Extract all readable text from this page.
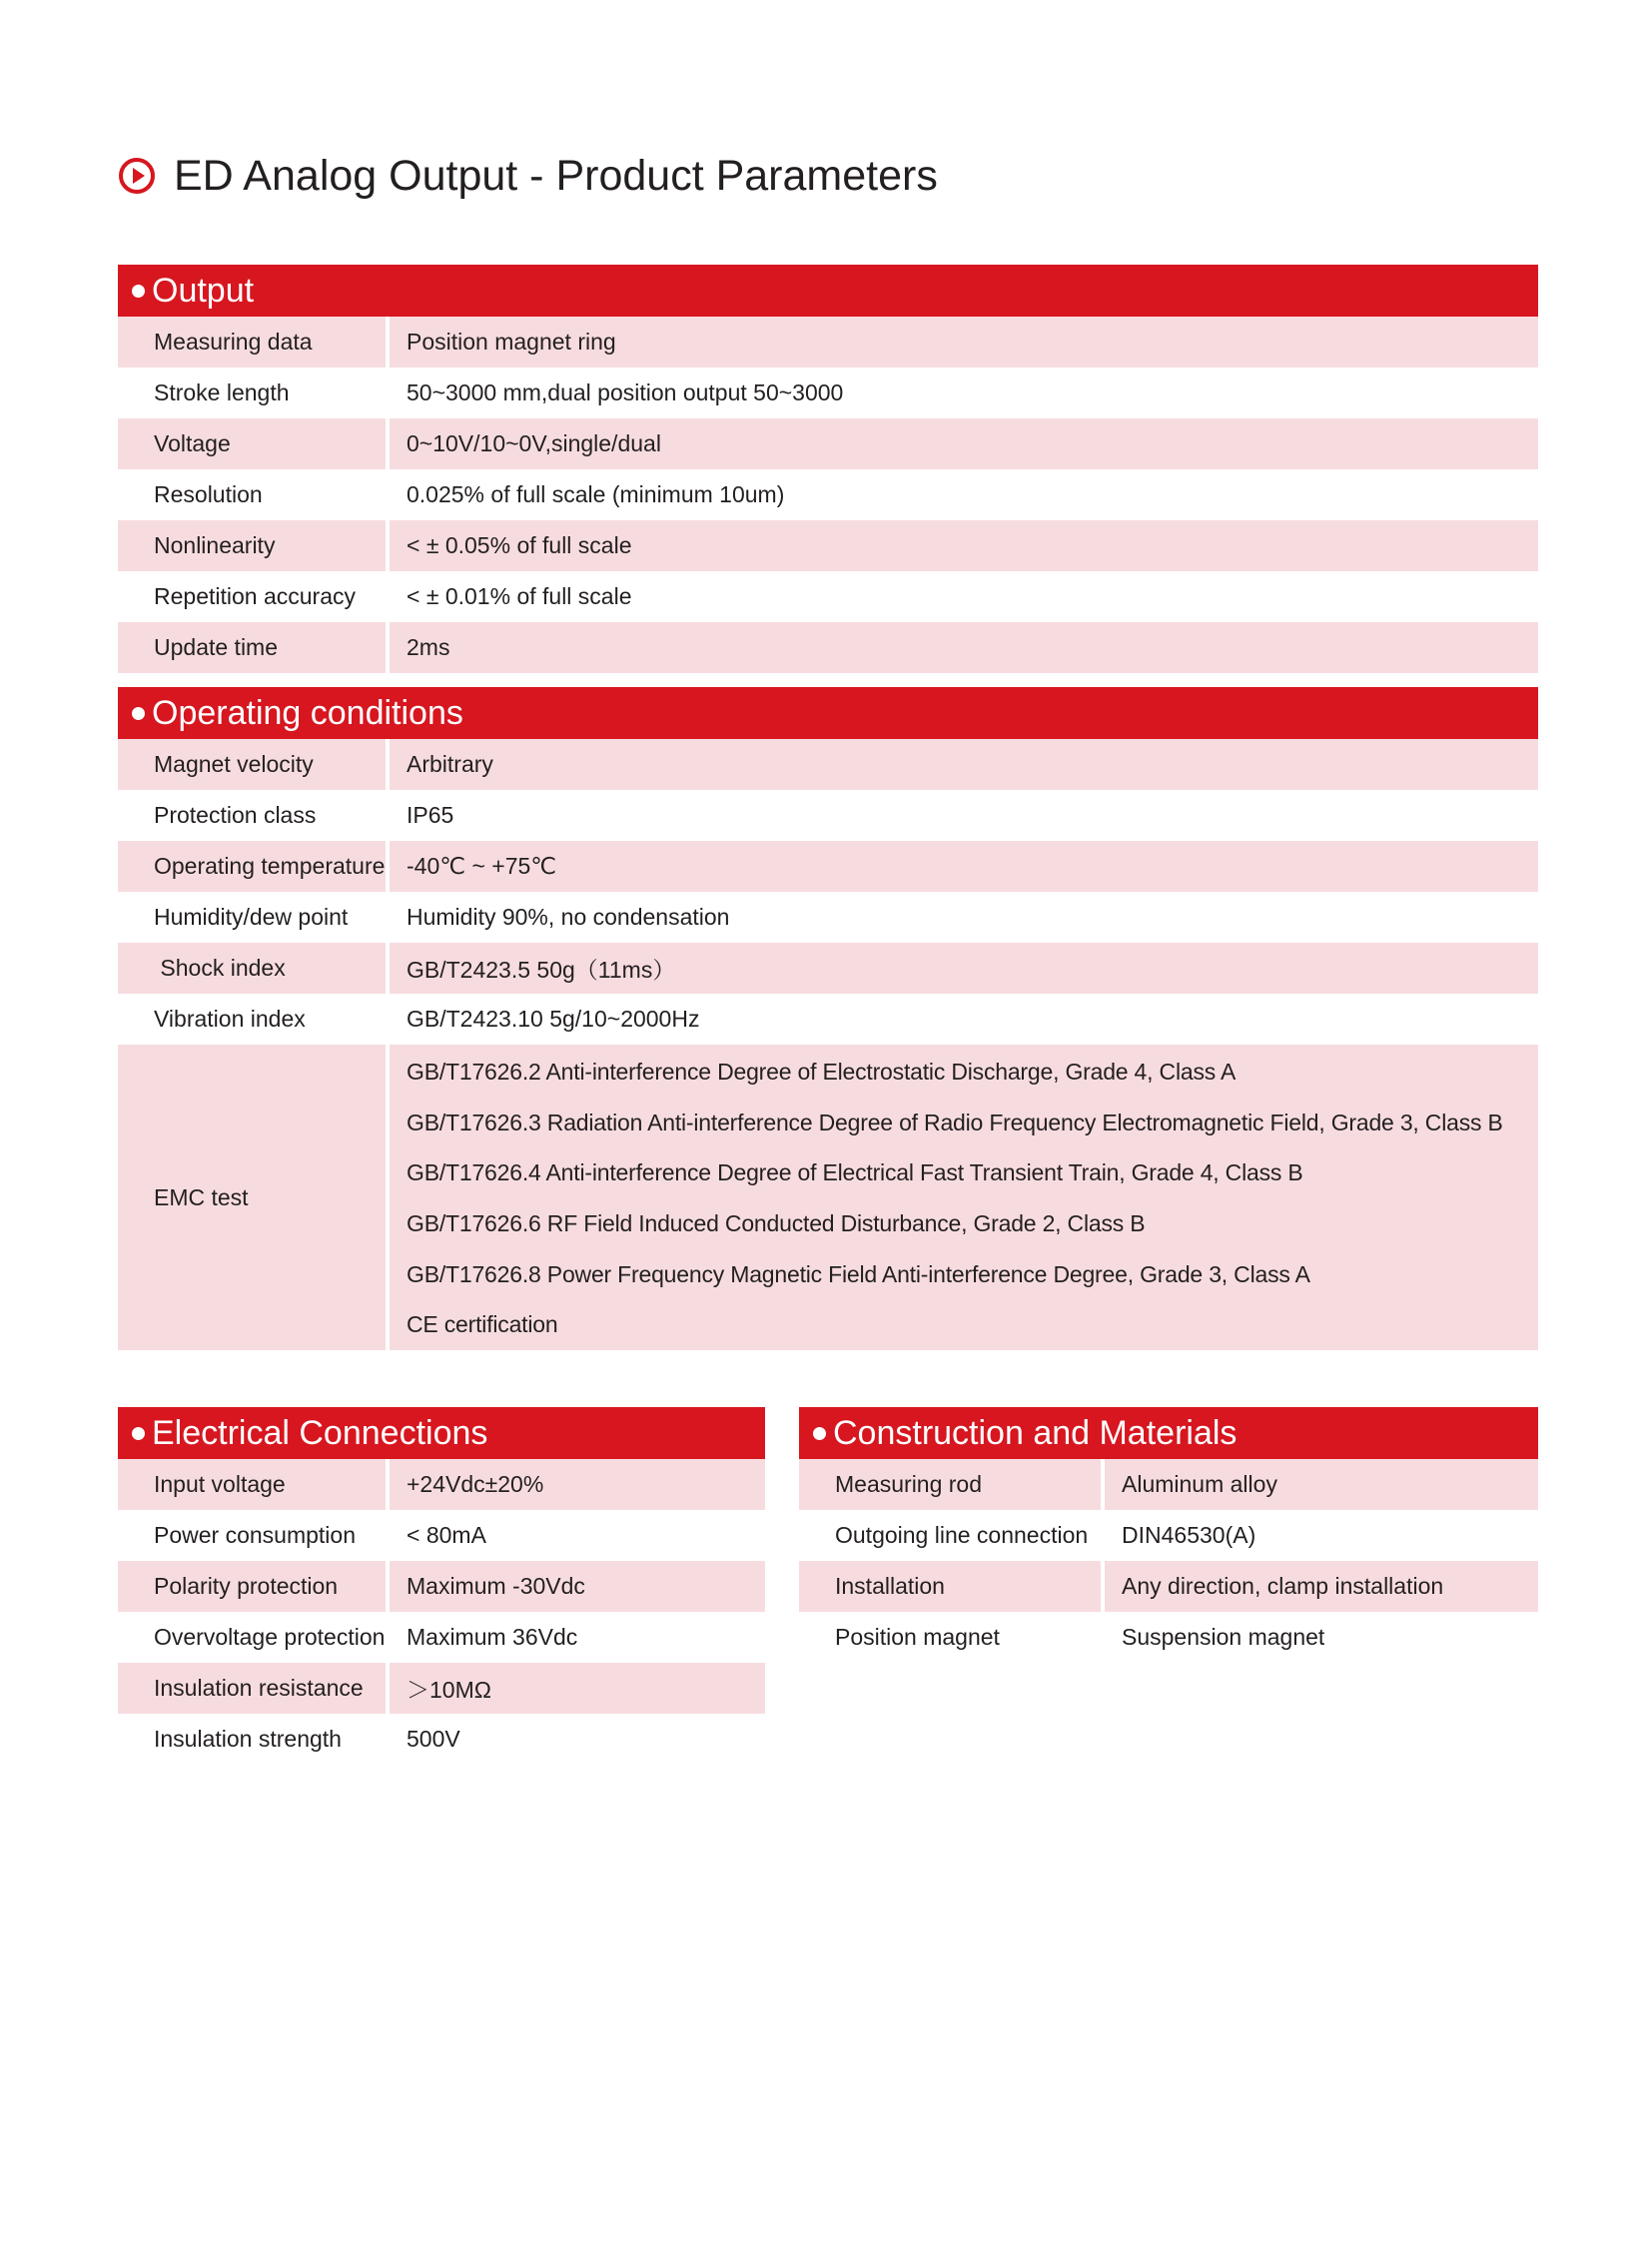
ED Analog Output - Product Parameters
Output
Measuring data	Position magnet ring
Stroke length	50~3000 mm,dual position output 50~3000
Voltage	0~10V/10~0V,single/dual
Resolution	0.025% of full scale (minimum 10um)
Nonlinearity	< ± 0.05% of full scale
Repetition accuracy	< ± 0.01% of full scale
Update time	2ms
Operating conditions
Magnet velocity	Arbitrary
Protection class	IP65
Operating temperature -40℃ ~ +75℃
Humidity/dew point	Humidity 90%, no condensation
Shock index	GB/T2423.5 50g（11ms）
Vibration index	GB/T2423.10 5g/10~2000Hz
EMC test
GB/T17626.2 Anti-interference Degree of Electrostatic Discharge, Grade 4, Class A
GB/T17626.3 Radiation Anti-interference Degree of Radio Frequency Electromagnetic Field, Grade 3, Class B
GB/T17626.4 Anti-interference Degree of Electrical Fast Transient Train, Grade 4, Class B
GB/T17626.6 RF Field Induced Conducted Disturbance, Grade 2, Class B
GB/T17626.8 Power Frequency Magnetic Field Anti-interference Degree, Grade 3, Class A
CE certification
Electrical Connections
Input voltage	+24Vdc±20%
Power consumption	< 80mA
Polarity protection	Maximum -30Vdc
Overvoltage protection Maximum 36Vdc
Insulation resistance	＞10MΩ
Insulation strength	500V
Construction and Materials
Measuring rod	Aluminum alloy
Outgoing line connection	DIN46530(A)
Installation	Any direction, clamp installation
Position magnet	Suspension magnet
